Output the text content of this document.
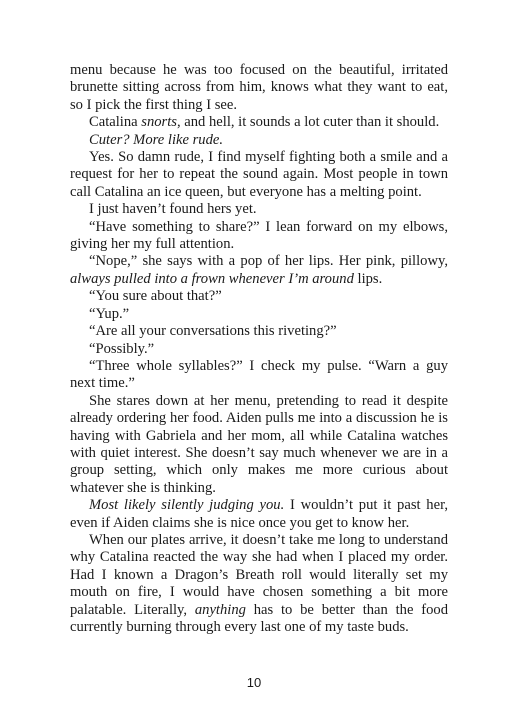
menu because he was too focused on the beautiful, irritated brunette sitting across from him, knows what they want to eat, so I pick the first thing I see.

Catalina snorts, and hell, it sounds a lot cuter than it should.

Cuter? More like rude.

Yes. So damn rude, I find myself fighting both a smile and a request for her to repeat the sound again. Most people in town call Catalina an ice queen, but everyone has a melting point.

I just haven’t found hers yet.

“Have something to share?” I lean forward on my elbows, giving her my full attention.

“Nope,” she says with a pop of her lips. Her pink, pillowy, always pulled into a frown whenever I’m around lips.

“You sure about that?”

“Yup.”

“Are all your conversations this riveting?”

“Possibly.”

“Three whole syllables?” I check my pulse. “Warn a guy next time.”

She stares down at her menu, pretending to read it despite already ordering her food. Aiden pulls me into a discussion he is having with Gabriela and her mom, all while Catalina watches with quiet interest. She doesn’t say much whenever we are in a group setting, which only makes me more curious about whatever she is thinking.

Most likely silently judging you. I wouldn’t put it past her, even if Aiden claims she is nice once you get to know her.

When our plates arrive, it doesn’t take me long to understand why Catalina reacted the way she had when I placed my order. Had I known a Dragon’s Breath roll would literally set my mouth on fire, I would have chosen something a bit more palatable. Literally, anything has to be better than the food currently burning through every last one of my taste buds.

10
